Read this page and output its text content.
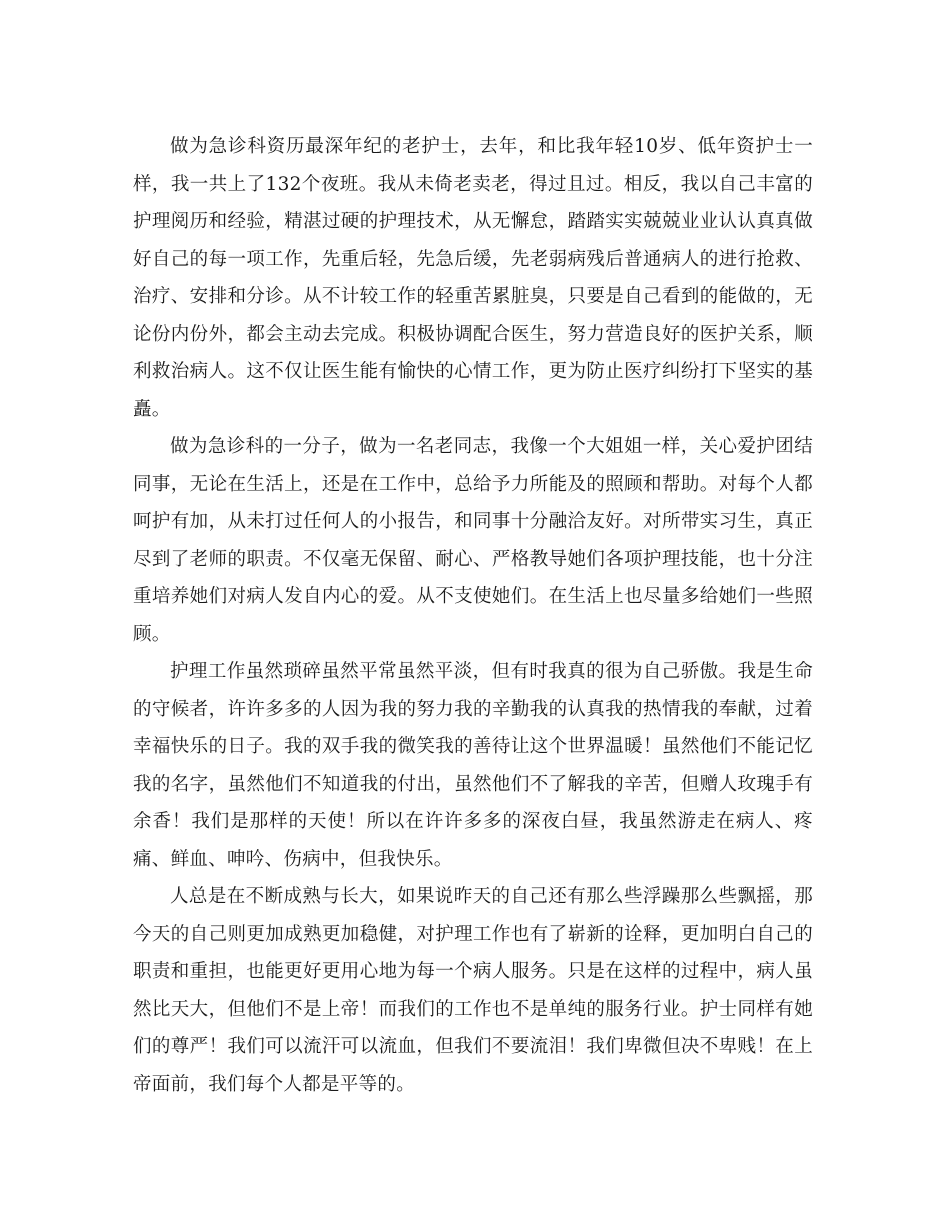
做为急诊科资历最深年纪的老护士，去年，和比我年轻10岁、低年资护士一样，我一共上了132个夜班。我从未倚老卖老，得过且过。相反，我以自己丰富的护理阅历和经验，精湛过硬的护理技术，从无懈怠，踏踏实实兢兢业业认认真真做好自己的每一项工作，先重后轻，先急后缓，先老弱病残后普通病人的进行抢救、治疗、安排和分诊。从不计较工作的轻重苦累脏臭，只要是自己看到的能做的，无论份内份外，都会主动去完成。积极协调配合医生，努力营造良好的医护关系，顺利救治病人。这不仅让医生能有愉快的心情工作，更为防止医疗纠纷打下坚实的基矗。

做为急诊科的一分子，做为一名老同志，我像一个大姐姐一样，关心爱护团结同事，无论在生活上，还是在工作中，总给予力所能及的照顾和帮助。对每个人都呵护有加，从未打过任何人的小报告，和同事十分融洽友好。对所带实习生，真正尽到了老师的职责。不仅毫无保留、耐心、严格教导她们各项护理技能，也十分注重培养她们对病人发自内心的爱。从不支使她们。在生活上也尽量多给她们一些照顾。

护理工作虽然琐碎虽然平常虽然平淡，但有时我真的很为自己骄傲。我是生命的守候者，许许多多的人因为我的努力我的辛勤我的认真我的热情我的奉献，过着幸福快乐的日子。我的双手我的微笑我的善待让这个世界温暖！虽然他们不能记忆我的名字，虽然他们不知道我的付出，虽然他们不了解我的辛苦，但赠人玫瑰手有余香！我们是那样的天使！所以在许许多多的深夜白昼，我虽然游走在病人、疼痛、鲜血、呻吟、伤病中，但我快乐。

人总是在不断成熟与长大，如果说昨天的自己还有那么些浮躁那么些飘摇，那今天的自己则更加成熟更加稳健，对护理工作也有了崭新的诠释，更加明白自己的职责和重担，也能更好更用心地为每一个病人服务。只是在这样的过程中，病人虽然比天大，但他们不是上帝！而我们的工作也不是单纯的服务行业。护士同样有她们的尊严！我们可以流汗可以流血，但我们不要流泪！我们卑微但决不卑贱！在上帝面前，我们每个人都是平等的。
